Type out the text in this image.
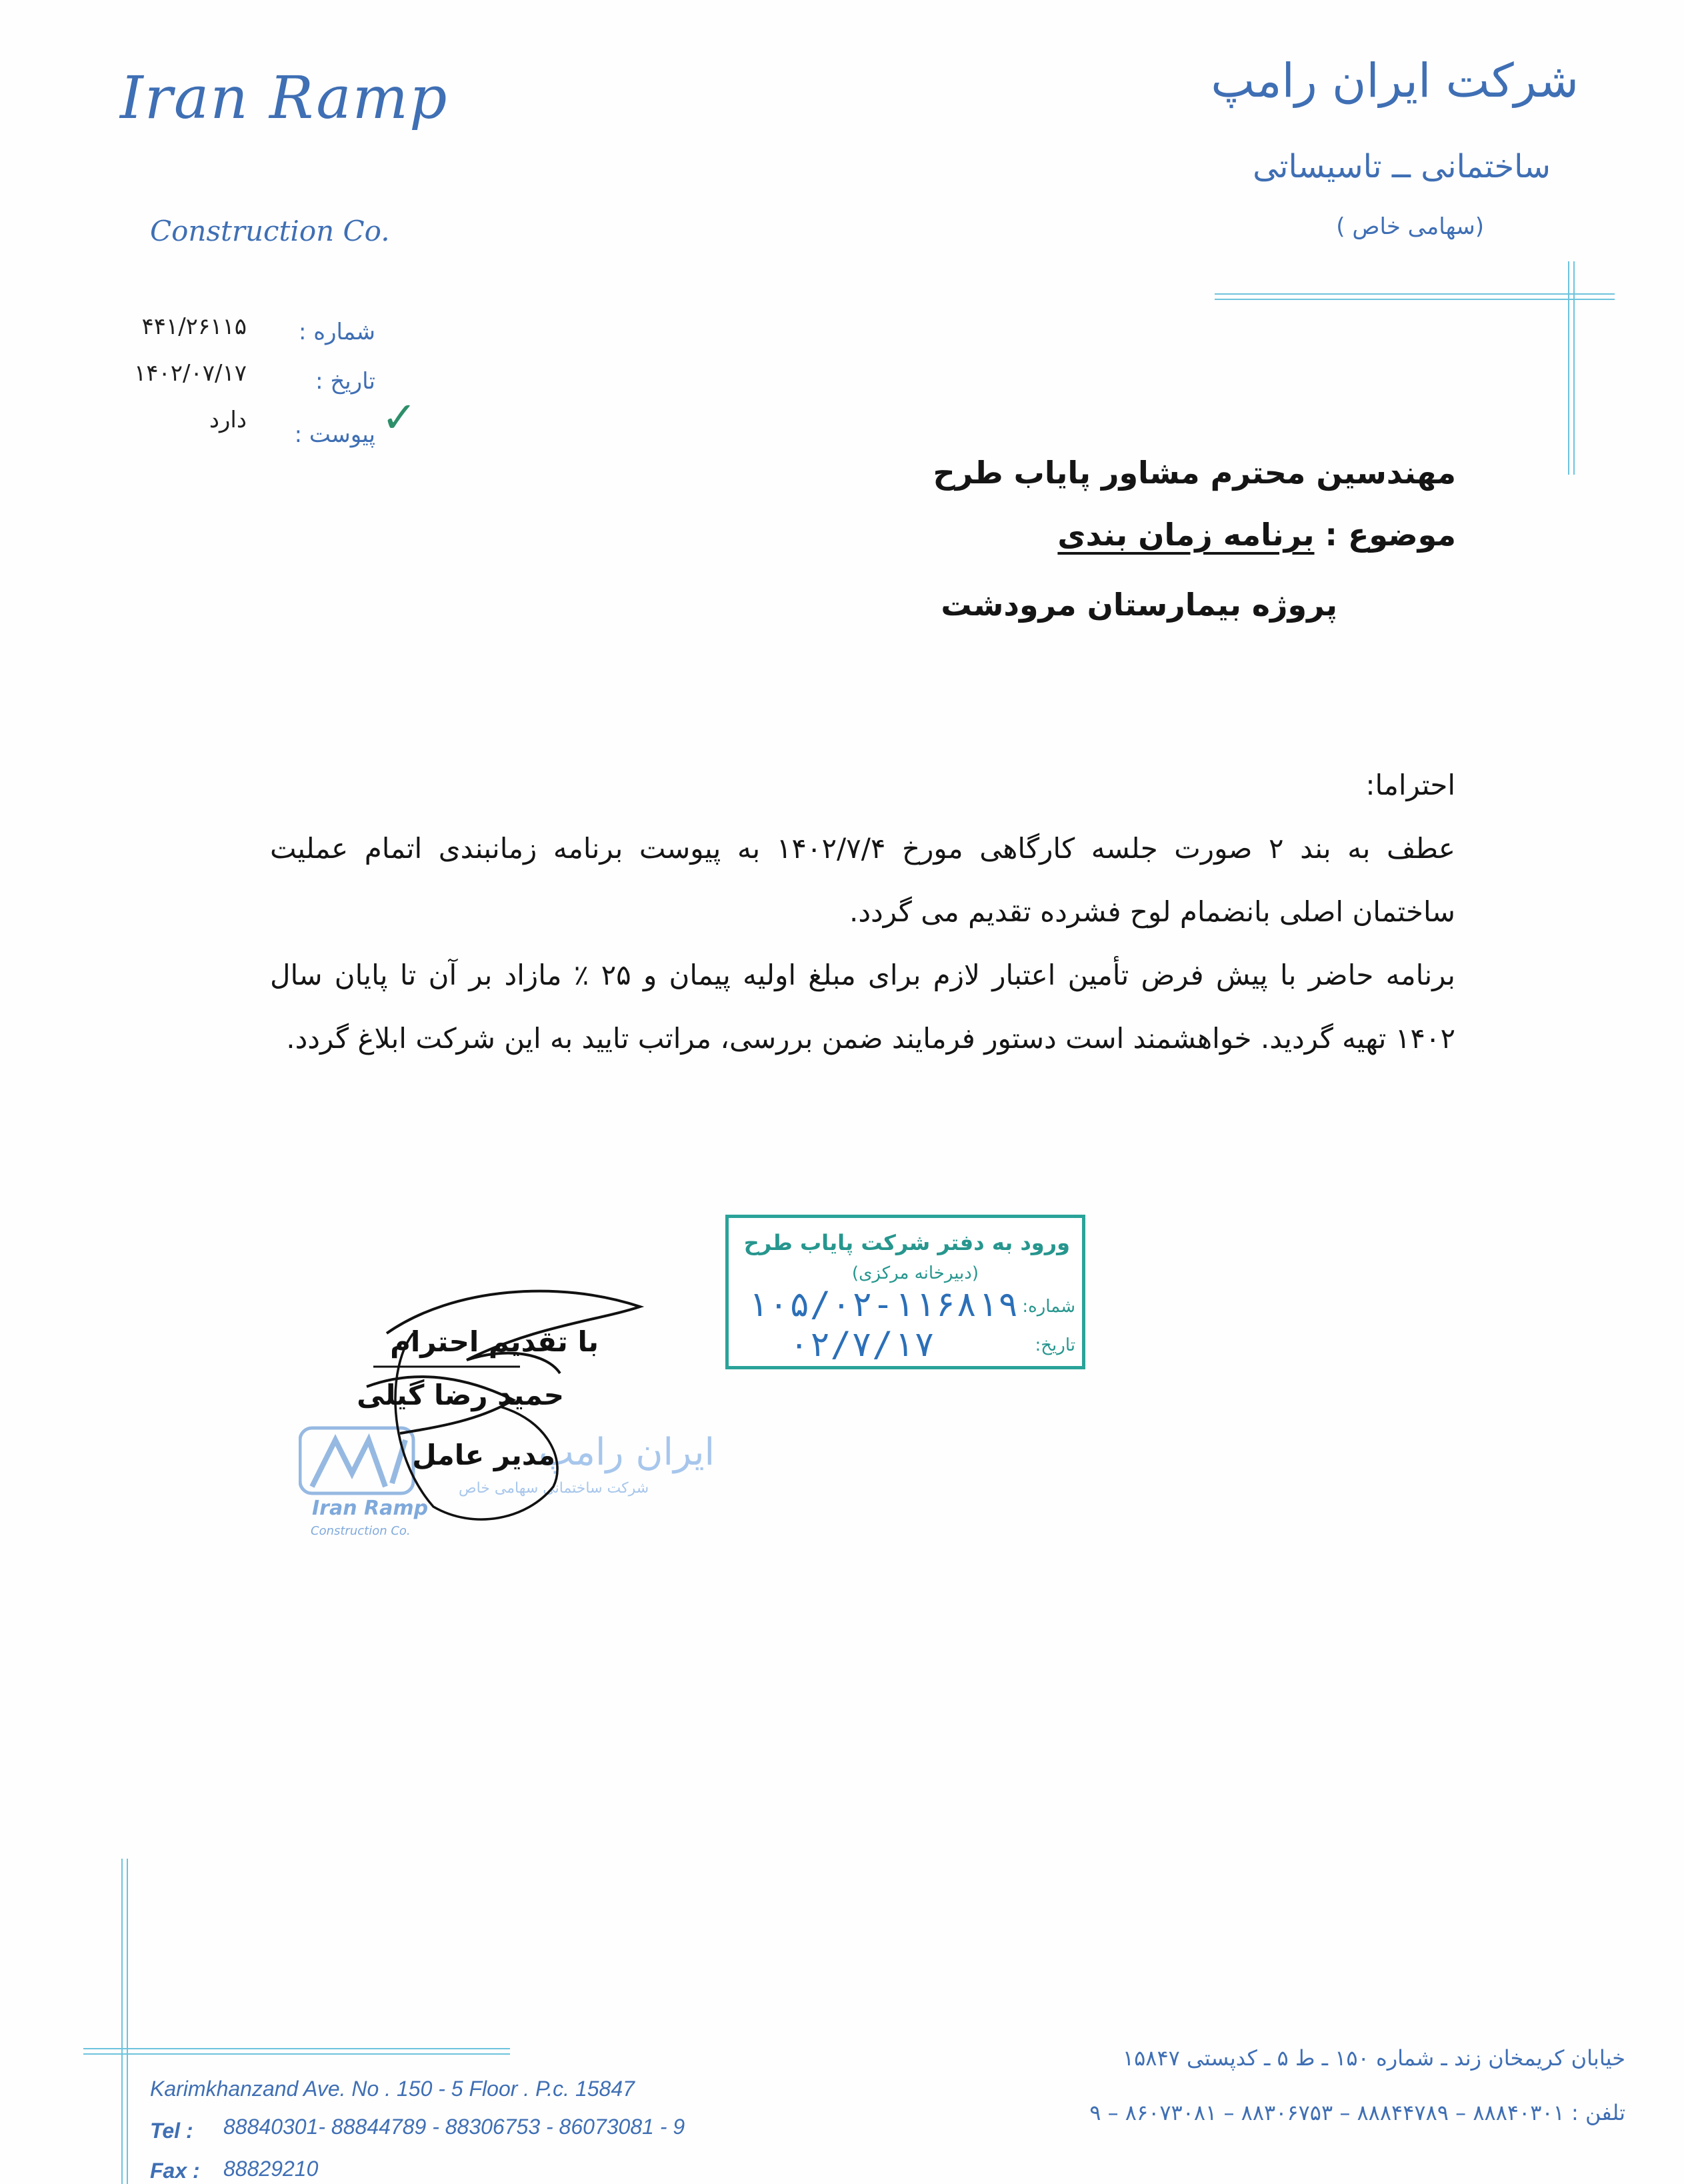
Iran Ramp
Construction Co.
شرکت ایران رامپ
ساختمانی ــ تاسیساتی
(سهامی خاص )
شماره :
۴۴۱/۲۶۱۱۵
تاریخ :
۱۴۰۲/۰۷/۱۷
پیوست :
دارد	✓
مهندسین محترم مشاور پایاب طرح
موضوع : برنامه زمان بندی
پروژه بیمارستان مرودشت

احتراما:

عطف به بند ۲ صورت جلسه کارگاهی مورخ ۱۴۰۲/۷/۴ به پیوست برنامه زمانبندی اتمام عملیت ساختمان اصلی بانضمام لوح فشرده تقدیم می گردد.

برنامه حاضر با پیش فرض تأمین اعتبار لازم برای مبلغ اولیه پیمان و ۲۵ ٪ مازاد بر آن تا پایان سال ۱۴۰۲ تهیه گردید. خواهشمند است دستور فرمایند ضمن بررسی، مراتب تایید به این شرکت ابلاغ گردد.

ورود به دفتر شرکت پایاب طرح
(دبیرخانه مرکزی)
شماره:
۱۰۵/۰۲-۱۱۶۸۱۹
تاریخ:
۰۲/۷/۱۷
Iran Ramp
Construction Co.
ایران رامپ
شرکت ساختمانی سهامی خاص
با تقدیم احترام
حمید رضا گیلی
مدیر عامل
Karimkhanzand Ave. No . 150 - 5 Floor . P.c. 15847
Tel : 88840301- 88844789 - 88306753 - 86073081 - 9
Fax : 88829210
خیابان کریمخان زند ـ شماره ۱۵۰ ـ ط ۵ ـ کدپستی ۱۵۸۴۷
تلفن : ۸۸۸۴۰۳۰۱ – ۸۸۸۴۴۷۸۹ – ۸۸۳۰۶۷۵۳ – ۸۶۰۷۳۰۸۱ – ۹
